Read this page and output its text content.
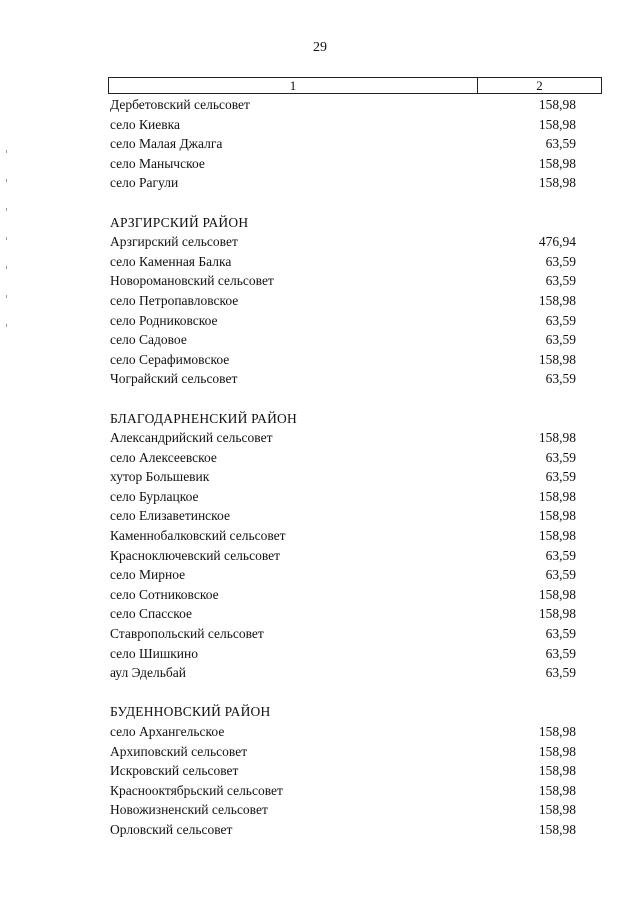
29
1	2
Дербетовский сельсовет	158,98
село Киевка	158,98
село Малая Джалга	63,59
село Манычское	158,98
село Рагули	158,98
АРЗГИРСКИЙ РАЙОН
Арзгирский сельсовет	476,94
село Каменная Балка	63,59
Новоромановский сельсовет	63,59
село Петропавловское	158,98
село Родниковское	63,59
село Садовое	63,59
село Серафимовское	158,98
Чограйский сельсовет	63,59
БЛАГОДАРНЕНСКИЙ РАЙОН
Александрийский сельсовет	158,98
село Алексеевское	63,59
хутор Большевик	63,59
село Бурлацкое	158,98
село Елизаветинское	158,98
Каменнобалковский сельсовет	158,98
Красноключевский сельсовет	63,59
село Мирное	63,59
село Сотниковское	158,98
село Спасское	158,98
Ставропольский сельсовет	63,59
село Шишкино	63,59
аул Эдельбай	63,59
БУДЕННОВСКИЙ РАЙОН
село Архангельское	158,98
Архиповский сельсовет	158,98
Искровский сельсовет	158,98
Краснооктябрьский сельсовет	158,98
Новожизненский сельсовет	158,98
Орловский сельсовет	158,98
